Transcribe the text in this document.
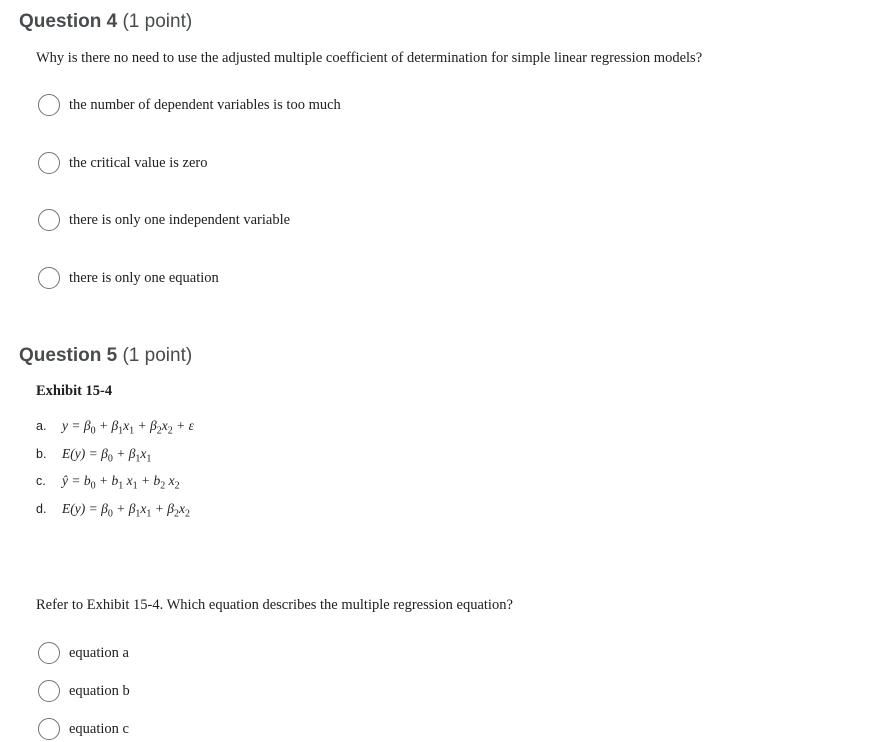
Question 4 (1 point)
Why is there no need to use the adjusted multiple coefficient of determination for simple linear regression models?
the number of dependent variables is too much
the critical value is zero
there is only one independent variable
there is only one equation
Question 5 (1 point)
Exhibit 15-4
a.	$y = \beta_0 + \beta_1x_1 + \beta_2x_2 + \varepsilon$
b.	$E(y) = \beta_0 + \beta_1x_1$
c.	ŷ = $b_0 + b_1$ $x_1 + b_2$ $x_2$
d.	$E(y) = \beta_0 + \beta_1x_1 + \beta_2x_2$
Refer to Exhibit 15-4. Which equation describes the multiple regression equation?
equation a
equation b
equation c
